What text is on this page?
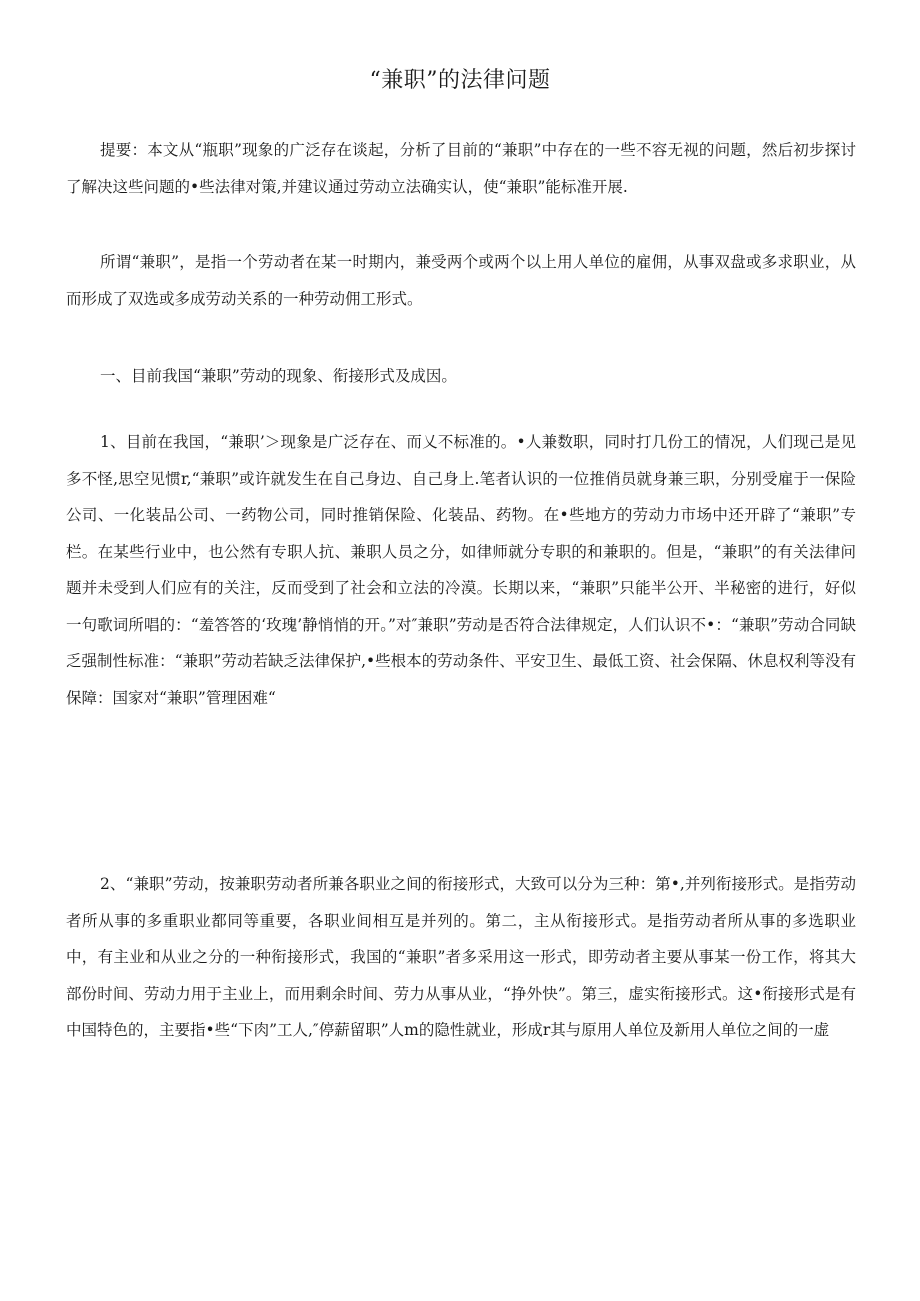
“兼职”的法律问题

提要：本文从“瓶职”现象的广泛存在谈起，分析了目前的“兼职”中存在的一些不容无视的问题，然后初步探讨了解决这些问题的•些法律对策,并建议通过劳动立法确实认，使“兼职”能标准开展.

所谓“兼职”，是指一个劳动者在某一时期内，兼受两个或两个以上用人单位的雇佣，从事双盘或多求职业，从而形成了双选或多成劳动关系的一种劳动佣工形式。

一、目前我国“兼职”劳动的现象、衔接形式及成因。

1、目前在我国，“兼职’＞现象是广泛存在、而乂不标准的。•人兼数职，同时打几份工的情况，人们现己是见多不怪,思空见惯r,“兼职”或许就发生在自己身边、自己身上.笔者认识的一位推俏员就身兼三职，分别受雇于一保险公司、一化装品公司、一药物公司，同时推销保险、化装品、药物。在•些地方的劳动力市场中还开辟了“兼职”专栏。在某些行业中，也公然有专职人抗、兼职人员之分，如律师就分专职的和兼职的。但是，“兼职”的有关法律问题并未受到人们应有的关注，反而受到了社会和立法的冷漠。长期以来，“兼职”只能半公开、半秘密的进行，好似一句歌词所唱的：“羞答答的‘玫瑰’静悄悄的开。”对″兼职”劳动是否符合法律规定，人们认识不•：“兼职”劳动合同缺乏强制性标准：“兼职”劳动若缺乏法律保护,•些根本的劳动条件、平安卫生、最低工资、社会保隔、休息权利等没有保障：国家对“兼职”管理困难“

2、“兼职”劳动，按兼职劳动者所兼各职业之间的衔接形式，大致可以分为三种：第•,并列衔接形式。是指劳动者所从事的多重职业都同等重要，各职业间相互是并列的。第二，主从衔接形式。是指劳动者所从事的多选职业中，有主业和从业之分的一种衔接形式，我国的“兼职”者多采用这一形式，即劳动者主要从事某一份工作，将其大部份时间、劳动力用于主业上，而用剩余时间、劳力从事从业，“挣外快”。第三，虚实衔接形式。这•衔接形式是有中国特色的，主要指•些“下肉”工人,″停薪留职”人m的隐性就业，形成r其与原用人单位及新用人单位之间的一虚
